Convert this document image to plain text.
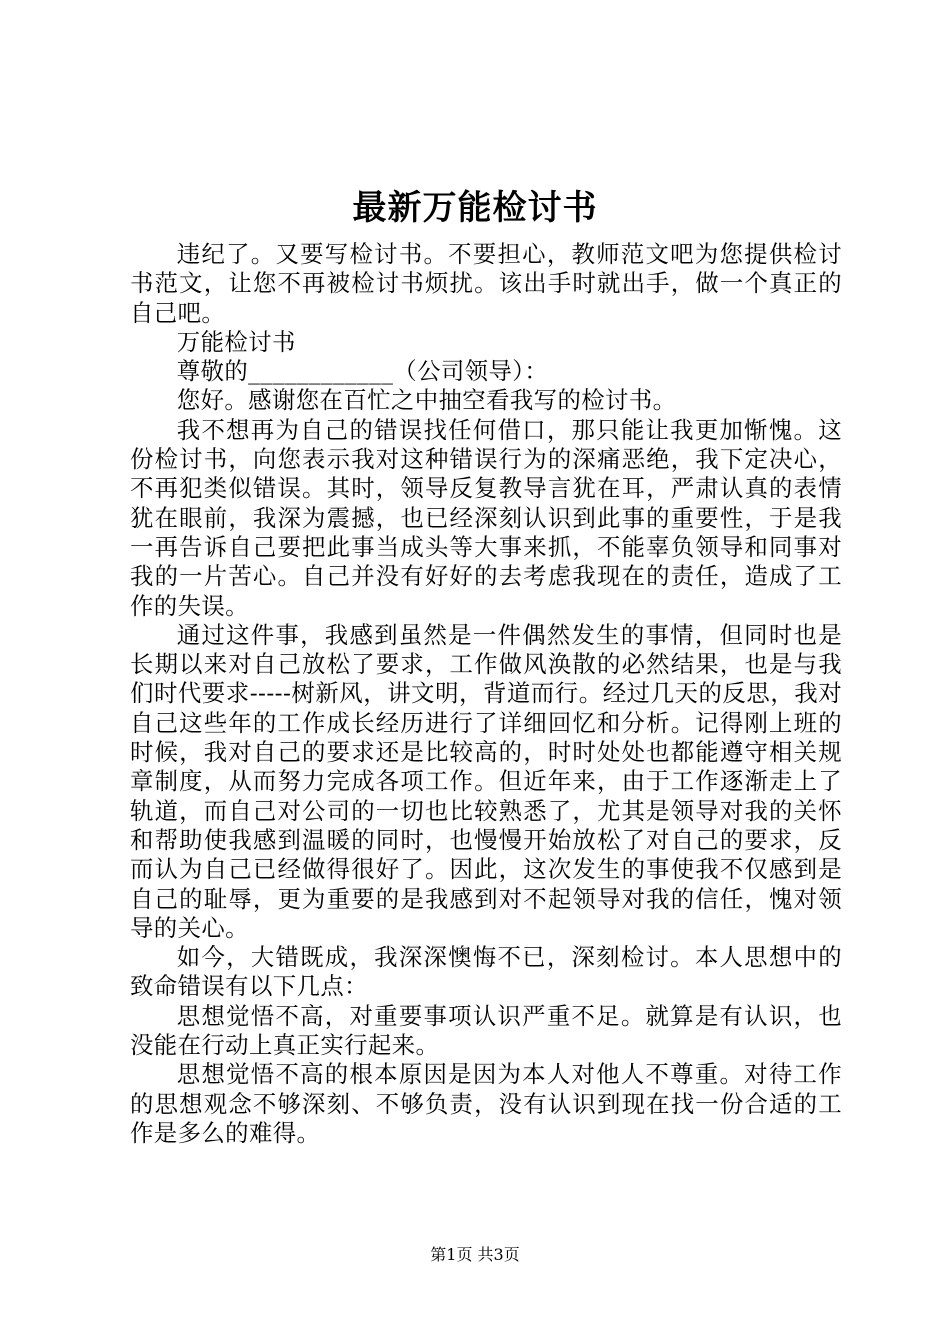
最新万能检讨书

违纪了。又要写检讨书。不要担心，教师范文吧为您提供检讨书范文，让您不再被检讨书烦扰。该出手时就出手，做一个真正的自己吧。

万能检讨书

尊敬的____________（公司领导）：

您好。感谢您在百忙之中抽空看我写的检讨书。

我不想再为自己的错误找任何借口，那只能让我更加惭愧。这份检讨书，向您表示我对这种错误行为的深痛恶绝，我下定决心，不再犯类似错误。其时，领导反复教导言犹在耳，严肃认真的表情犹在眼前，我深为震撼，也已经深刻认识到此事的重要性，于是我一再告诉自己要把此事当成头等大事来抓，不能辜负领导和同事对我的一片苦心。自己并没有好好的去考虑我现在的责任，造成了工作的失误。

通过这件事，我感到虽然是一件偶然发生的事情，但同时也是长期以来对自己放松了要求，工作做风涣散的必然结果，也是与我们时代要求-----树新风，讲文明，背道而行。经过几天的反思，我对自己这些年的工作成长经历进行了详细回忆和分析。记得刚上班的时候，我对自己的要求还是比较高的，时时处处也都能遵守相关规章制度，从而努力完成各项工作。但近年来，由于工作逐渐走上了轨道，而自己对公司的一切也比较熟悉了，尤其是领导对我的关怀和帮助使我感到温暖的同时，也慢慢开始放松了对自己的要求，反而认为自己已经做得很好了。因此，这次发生的事使我不仅感到是自己的耻辱，更为重要的是我感到对不起领导对我的信任，愧对领导的关心。

如今，大错既成，我深深懊悔不已，深刻检讨。本人思想中的致命错误有以下几点：

思想觉悟不高，对重要事项认识严重不足。就算是有认识，也没能在行动上真正实行起来。

思想觉悟不高的根本原因是因为本人对他人不尊重。对待工作的思想观念不够深刻、不够负责，没有认识到现在找一份合适的工作是多么的难得。

第1页 共3页
